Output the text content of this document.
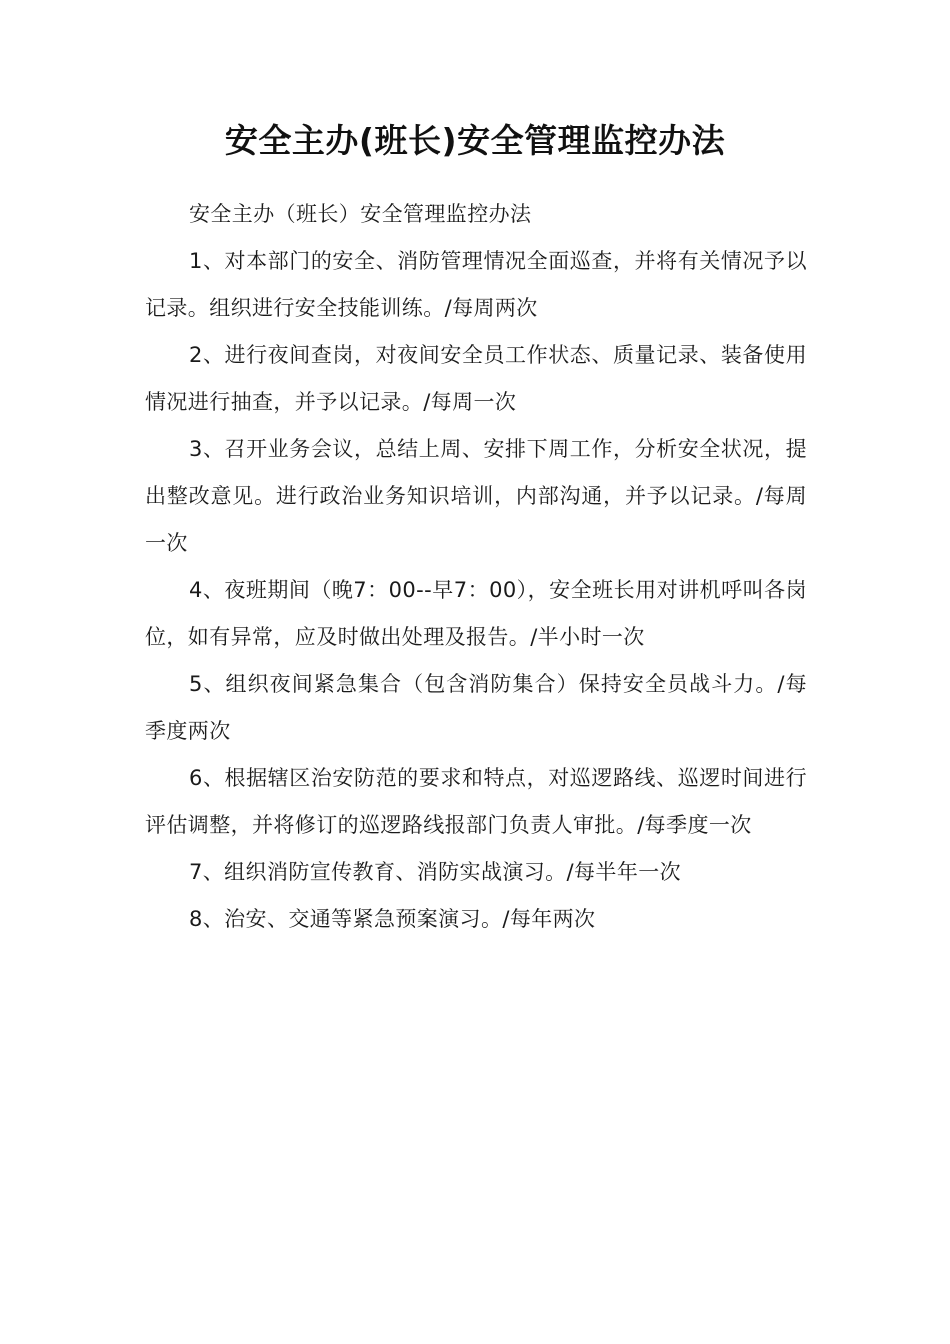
安全主办(班长)安全管理监控办法

安全主办（班长）安全管理监控办法

1、对本部门的安全、消防管理情况全面巡查，并将有关情况予以记录。组织进行安全技能训练。/每周两次

2、进行夜间查岗，对夜间安全员工作状态、质量记录、装备使用情况进行抽查，并予以记录。/每周一次

3、召开业务会议，总结上周、安排下周工作，分析安全状况，提出整改意见。进行政治业务知识培训，内部沟通，并予以记录。/每周一次

4、夜班期间（晚7：00--早7：00），安全班长用对讲机呼叫各岗位，如有异常，应及时做出处理及报告。/半小时一次

5、组织夜间紧急集合（包含消防集合）保持安全员战斗力。/每季度两次

6、根据辖区治安防范的要求和特点，对巡逻路线、巡逻时间进行评估调整，并将修订的巡逻路线报部门负责人审批。/每季度一次

7、组织消防宣传教育、消防实战演习。/每半年一次

8、治安、交通等紧急预案演习。/每年两次
